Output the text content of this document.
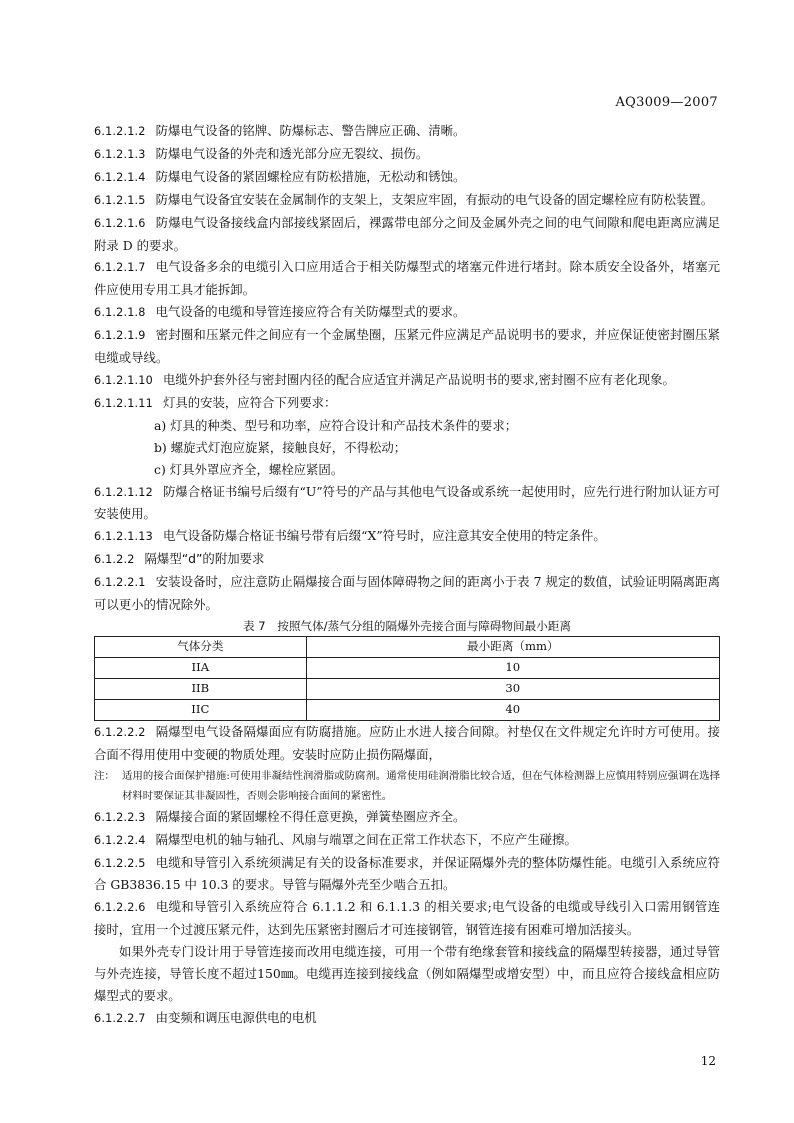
AQ3009—2007

6.1.2.1.2 防爆电气设备的铭牌、防爆标志、警告牌应正确、清晰。

6.1.2.1.3 防爆电气设备的外壳和透光部分应无裂纹、损伤。

6.1.2.1.4 防爆电气设备的紧固螺栓应有防松措施，无松动和锈蚀。

6.1.2.1.5 防爆电气设备宜安装在金属制作的支架上，支架应牢固，有振动的电气设备的固定螺栓应有防松装置。

6.1.2.1.6 防爆电气设备接线盒内部接线紧固后，裸露带电部分之间及金属外壳之间的电气间隙和爬电距离应满足附录 D 的要求。

6.1.2.1.7 电气设备多余的电缆引入口应用适合于相关防爆型式的堵塞元件进行堵封。除本质安全设备外，堵塞元件应使用专用工具才能拆卸。

6.1.2.1.8 电气设备的电缆和导管连接应符合有关防爆型式的要求。

6.1.2.1.9 密封圈和压紧元件之间应有一个金属垫圈，压紧元件应满足产品说明书的要求，并应保证使密封圈压紧电缆或导线。

6.1.2.1.10 电缆外护套外径与密封圈内径的配合应适宜并满足产品说明书的要求,密封圈不应有老化现象。

6.1.2.1.11 灯具的安装，应符合下列要求：

a) 灯具的种类、型号和功率，应符合设计和产品技术条件的要求；

b) 螺旋式灯泡应旋紧，接触良好，不得松动；

c) 灯具外罩应齐全，螺栓应紧固。

6.1.2.1.12 防爆合格证书编号后缀有“U”符号的产品与其他电气设备或系统一起使用时，应先行进行附加认证方可安装使用。

6.1.2.1.13 电气设备防爆合格证书编号带有后缀“X”符号时，应注意其安全使用的特定条件。

6.1.2.2 隔爆型“d”的附加要求

6.1.2.2.1 安装设备时，应注意防止隔爆接合面与固体障碍物之间的距离小于表 7 规定的数值，试验证明隔离距离可以更小的情况除外。

表 7　按照气体/蒸气分组的隔爆外壳接合面与障碍物间最小距离

气体分类	最小距离（mm）
IIA	10
IIB	30
IIC	40

6.1.2.2.2 隔爆型电气设备隔爆面应有防腐措施。应防止水进人接合间隙。衬垫仅在文件规定允许时方可使用。接合面不得用使用中变硬的物质处理。安装时应防止损伤隔爆面，

注： 适用的接合面保护措施:可使用非凝结性润滑脂或防腐剂。通常使用硅润滑脂比较合适，但在气体检测器上应慎用特别应强调在选择材料时要保证其非凝固性，否则会影响接合面间的紧密性。

6.1.2.2.3 隔爆接合面的紧固螺栓不得任意更换，弹簧垫圈应齐全。

6.1.2.2.4 隔爆型电机的轴与轴孔、风扇与端罩之间在正常工作状态下，不应产生碰擦。

6.1.2.2.5 电缆和导管引入系统须满足有关的设备标准要求，并保证隔爆外壳的整体防爆性能。电缆引入系统应符合 GB3836.15 中 10.3 的要求。导管与隔爆外壳至少啮合五扣。

6.1.2.2.6 电缆和导管引入系统应符合 6.1.1.2 和 6.1.1.3 的相关要求;电气设备的电缆或导线引入口需用钢管连接时，宜用一个过渡压紧元件，达到先压紧密封圈后才可连接钢管，钢管连接有困难可增加活接头。

如果外壳专门设计用于导管连接而改用电缆连接，可用一个带有绝缘套管和接线盒的隔爆型转接器，通过导管与外壳连接，导管长度不超过150㎜。电缆再连接到接线盒（例如隔爆型或增安型）中，而且应符合接线盒相应防爆型式的要求。

6.1.2.2.7 由变频和调压电源供电的电机

12
